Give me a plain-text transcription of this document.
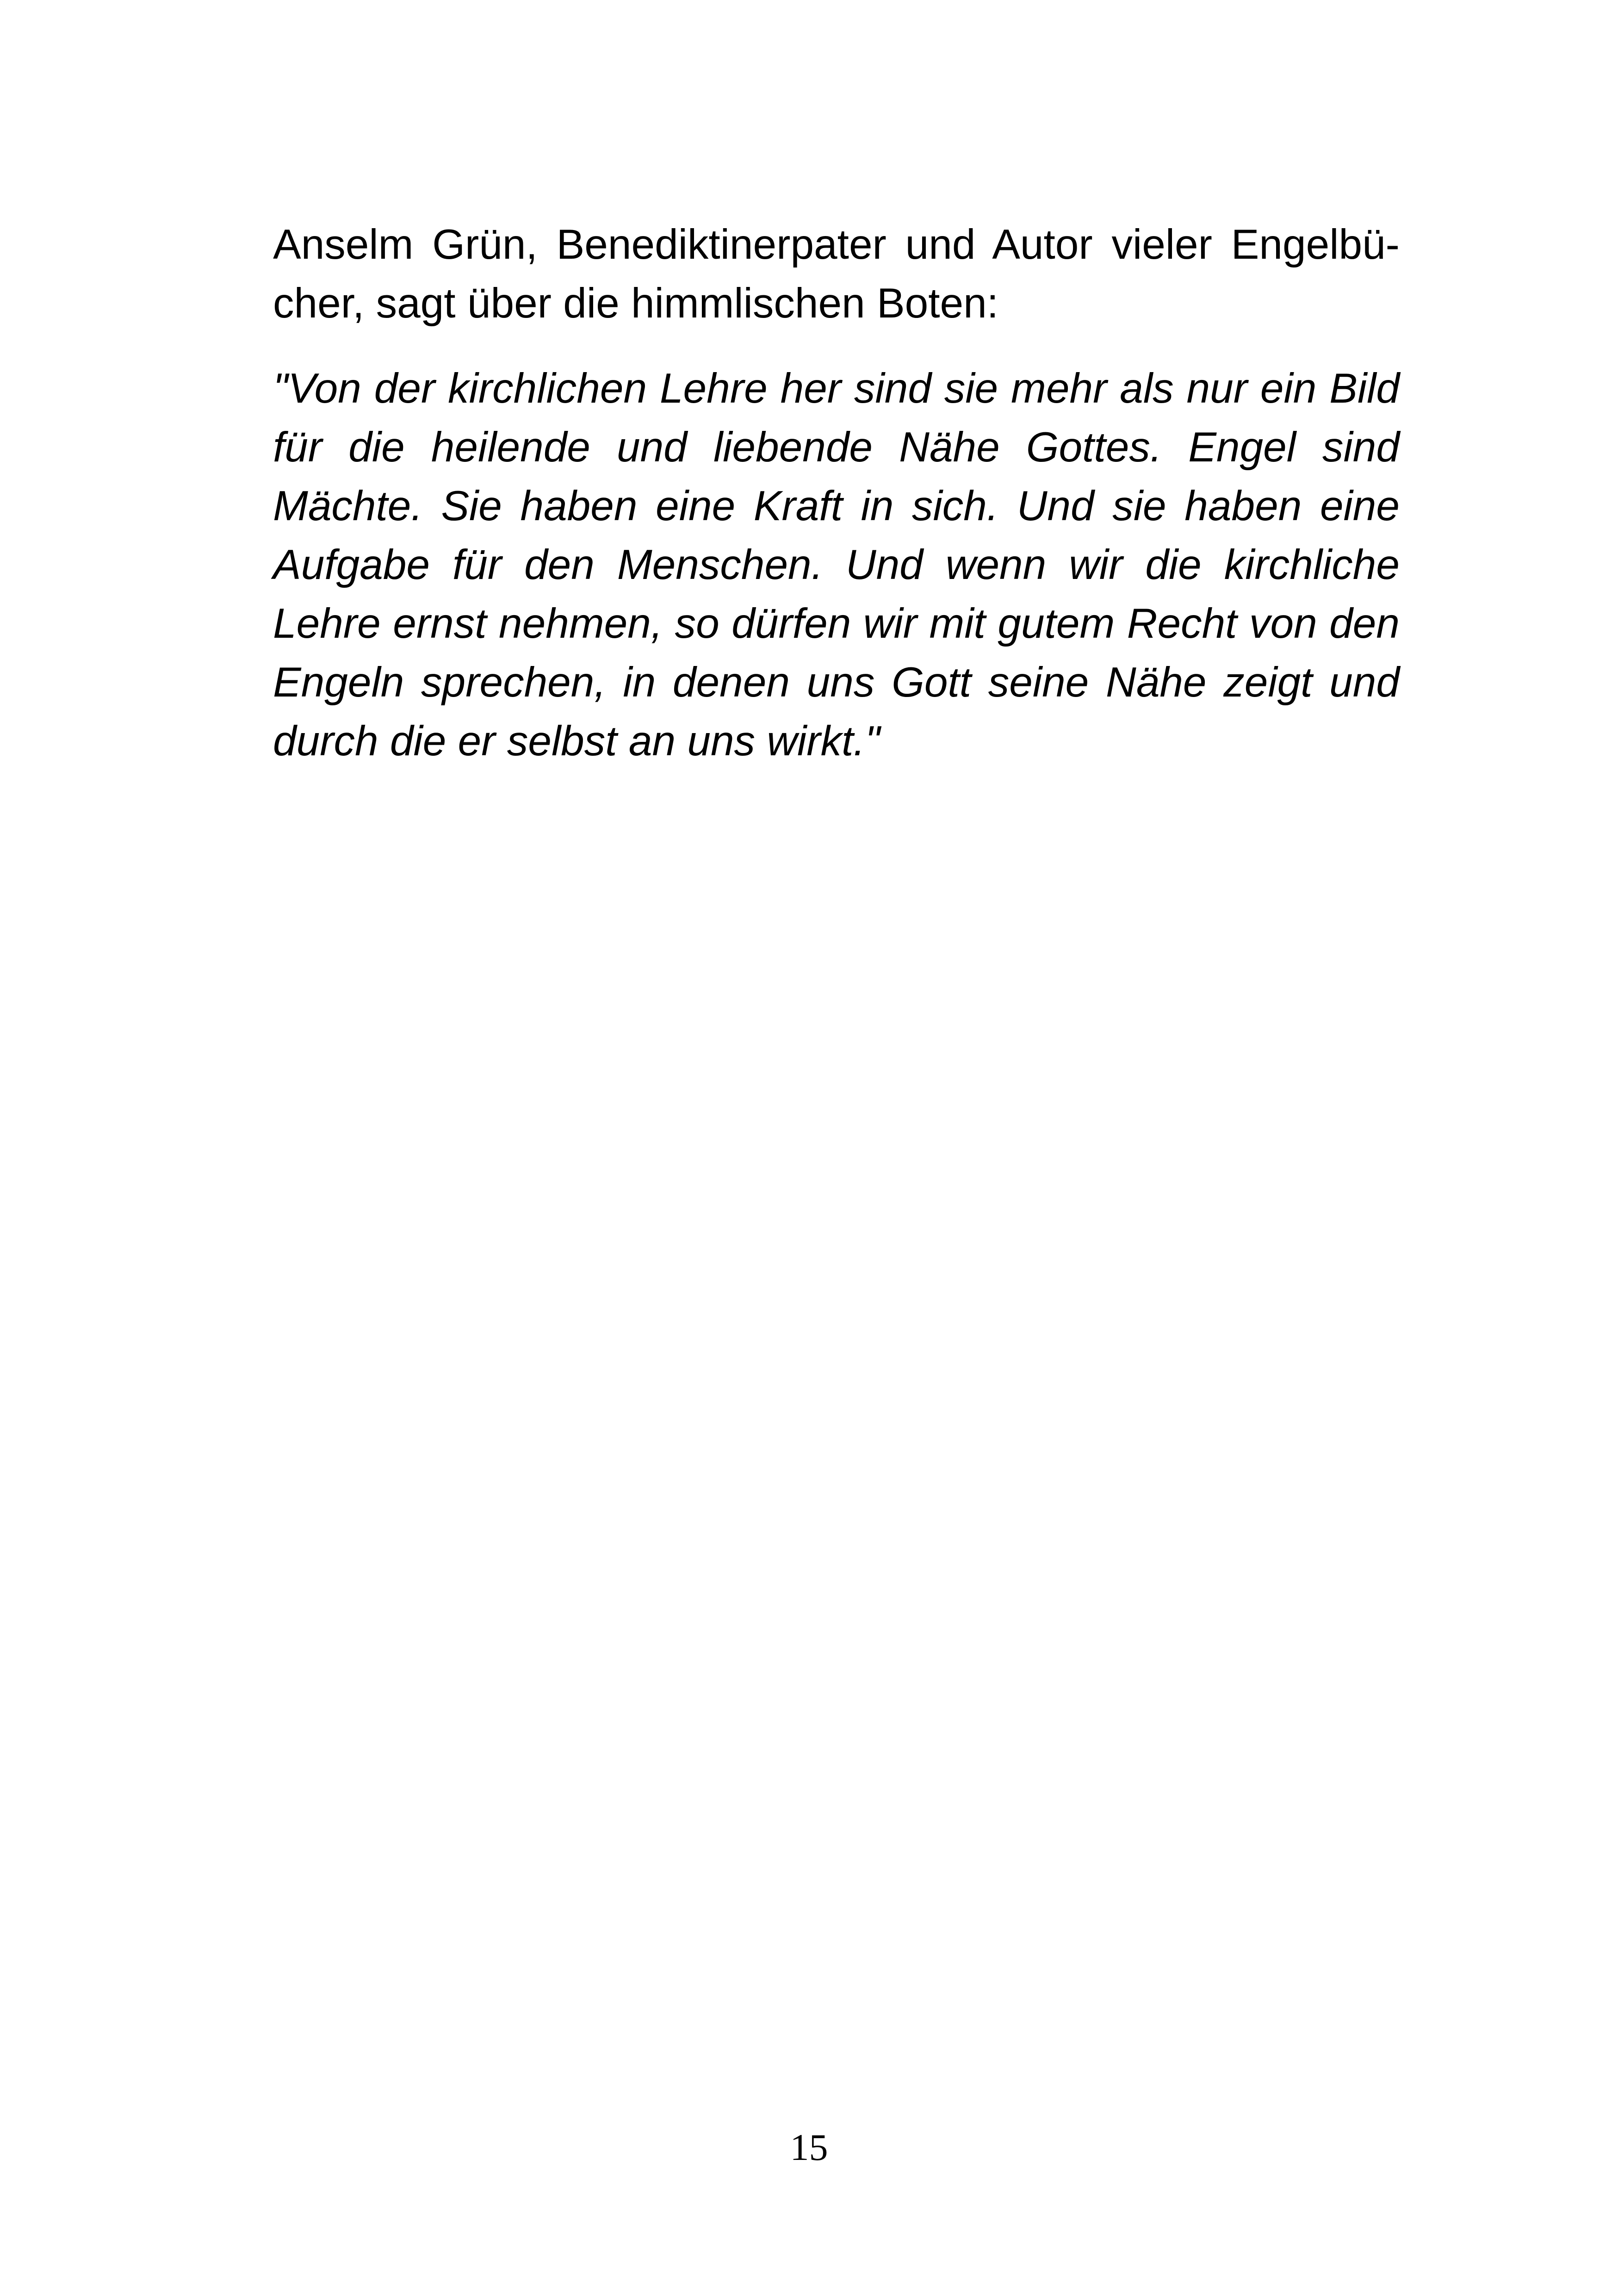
Anselm Grün, Benediktinerpater und Autor vieler Engelbü-
cher, sagt über die himmlischen Boten:

"Von der kirchlichen Lehre her sind sie mehr als nur ein Bild
für die heilende und liebende Nähe Gottes. Engel sind
Mächte. Sie haben eine Kraft in sich. Und sie haben eine
Aufgabe für den Menschen. Und wenn wir die kirchliche
Lehre ernst nehmen, so dürfen wir mit gutem Recht von den
Engeln sprechen, in denen uns Gott seine Nähe zeigt und
durch die er selbst an uns wirkt."

15
